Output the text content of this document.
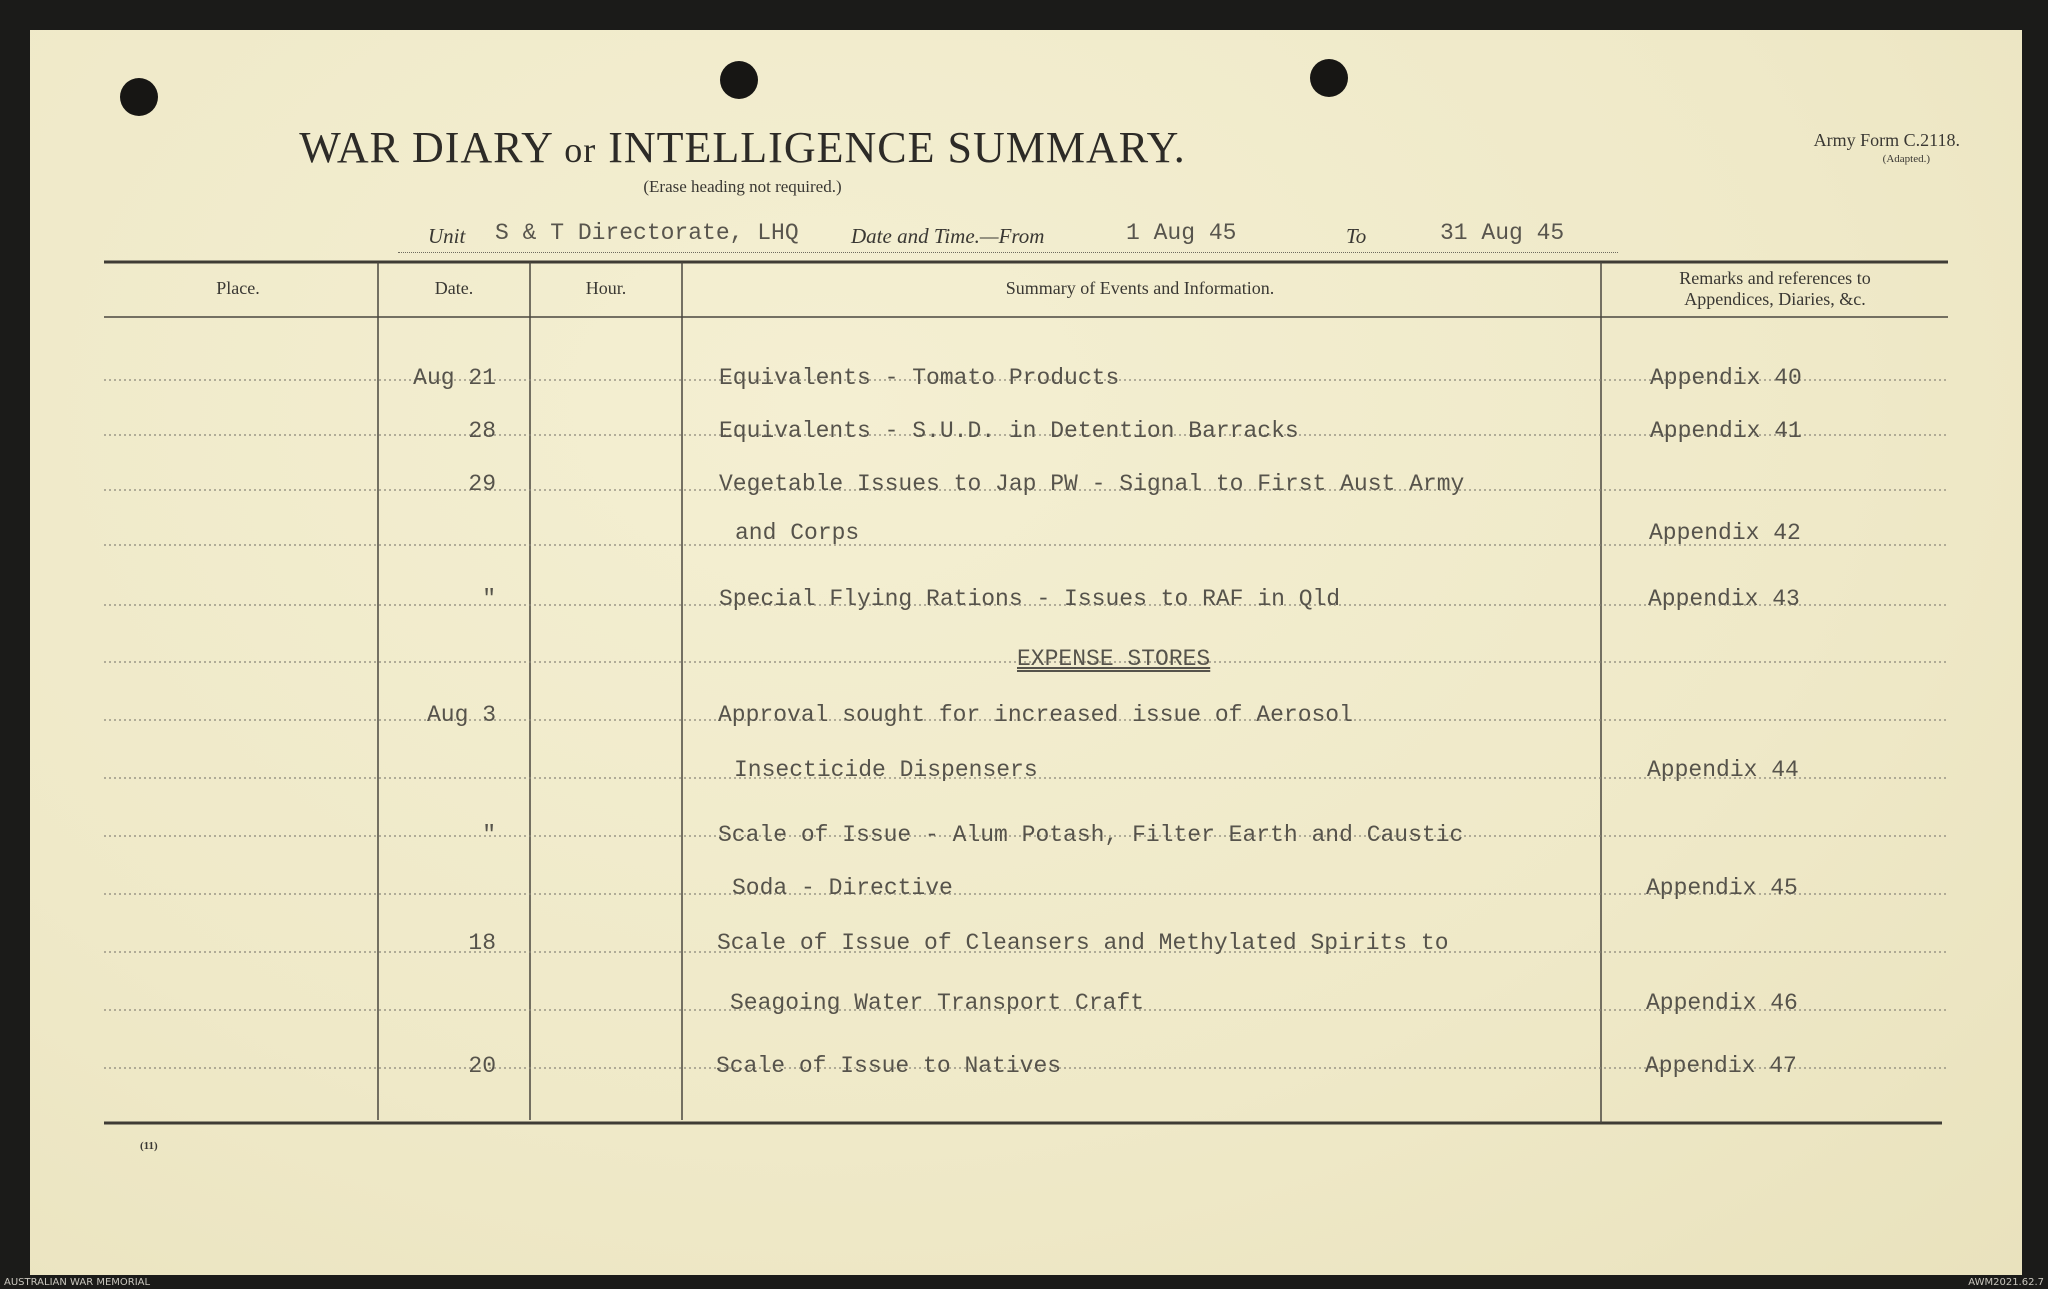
WAR DIARY or INTELLIGENCE SUMMARY.
(Erase heading not required.)
Army Form C.2118.
(Adapted.)
Unit S & T Directorate, LHQ Date and Time.—From	1 Aug 45	To	31 Aug 45
Place.	Date.	Hour.	Summary of Events and Information.	Remarks and references to
Appendices, Diaries, &c.
Aug 21	Equivalents - Tomato Products	Appendix 40
28	Equivalents - S.U.D. in Detention Barracks	Appendix 41
29	Vegetable Issues to Jap PW - Signal to First Aust Army
and Corps	Appendix 42
"	Special Flying Rations - Issues to RAF in Qld	Appendix 43
EXPENSE STORES
Aug 3	Approval sought for increased issue of Aerosol
Insecticide Dispensers	Appendix 44
"	Scale of Issue - Alum Potash, Filter Earth and Caustic
Soda - Directive	Appendix 45
18	Scale of Issue of Cleansers and Methylated Spirits to
Seagoing Water Transport Craft	Appendix 46
20	Scale of Issue to Natives	Appendix 47
(11)
AUSTRALIAN WAR MEMORIAL	AWM2021.62.7
